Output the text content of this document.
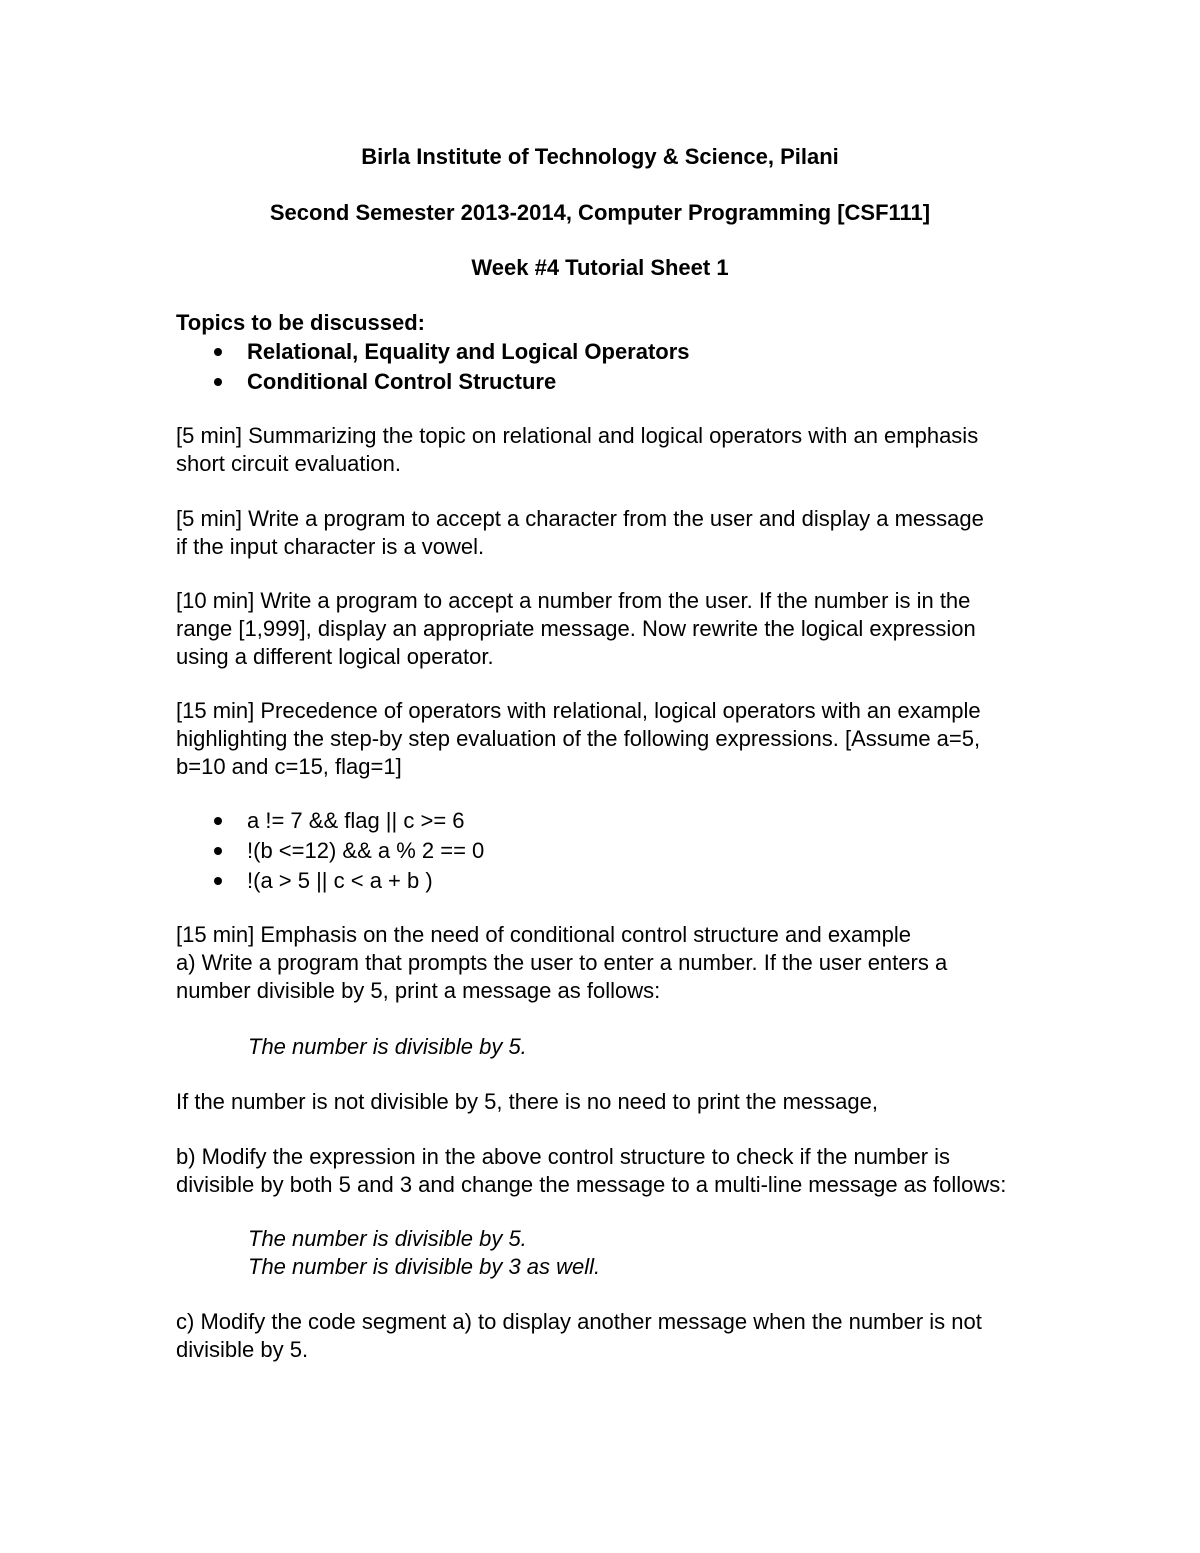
Birla Institute of Technology & Science, Pilani
Second Semester 2013-2014, Computer Programming [CSF111]
Week #4 Tutorial Sheet 1
Topics to be discussed:
Relational, Equality and Logical Operators
Conditional Control Structure
[5 min] Summarizing the topic on relational and logical operators with an emphasis
short circuit evaluation.
[5 min] Write a program to accept a character from the user and display a message
if the input character is a vowel.
[10 min] Write a program to accept a number from the user. If the number is in the
range [1,999], display an appropriate message. Now rewrite the logical expression
using a different logical operator.
[15 min] Precedence of operators with relational, logical operators with an example
highlighting the step-by step evaluation of the following expressions. [Assume a=5,
b=10 and c=15, flag=1]
a != 7 && flag || c >= 6
!(b <=12) && a % 2 == 0
!(a > 5 || c < a + b )
[15 min] Emphasis on the need of conditional control structure and example
a) Write a program that prompts the user to enter a number. If the user enters a
number divisible by 5, print a message as follows:
The number is divisible by 5.
If the number is not divisible by 5, there is no need to print the message,
b) Modify the expression in the above control structure to check if the number is
divisible by both 5 and 3 and change the message to a multi-line message as follows:
The number is divisible by 5.
The number is divisible by 3 as well.
c) Modify the code segment a) to display another message when the number is not
divisible by 5.
